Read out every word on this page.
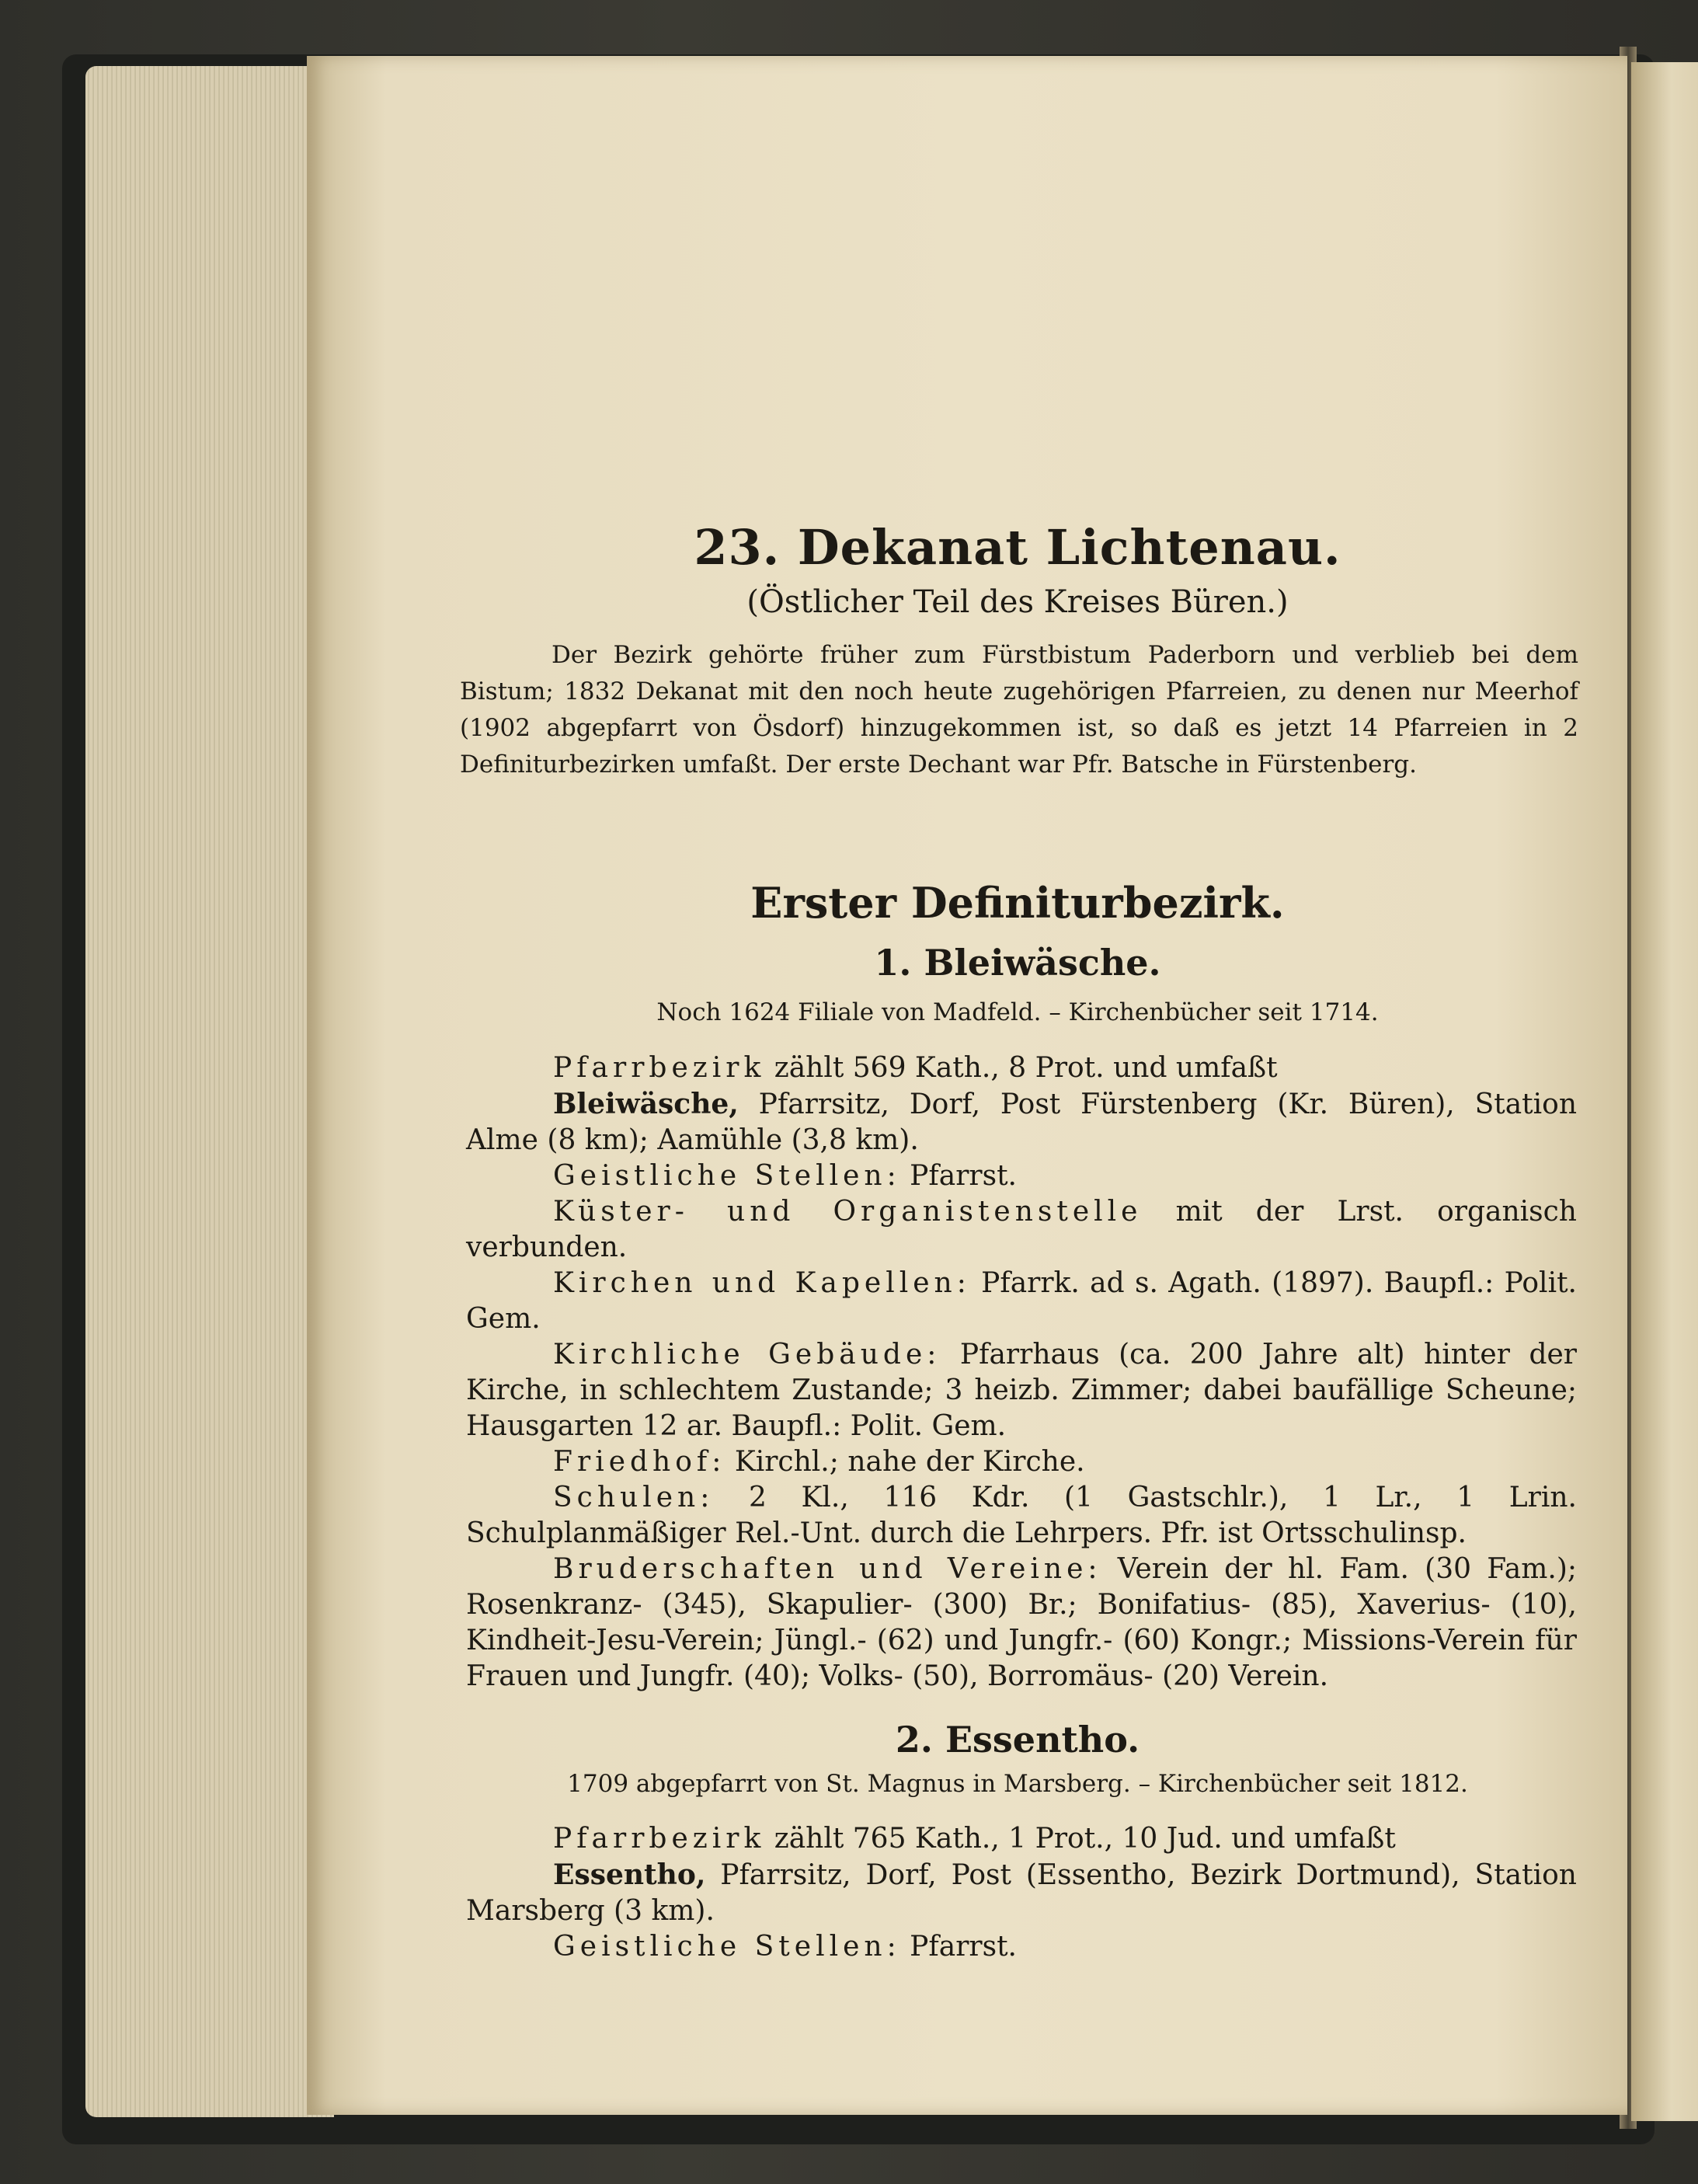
23. Dekanat Lichtenau.
(Östlicher Teil des Kreises Büren.)

Der Bezirk gehörte früher zum Fürstbistum Paderborn und verblieb bei dem Bistum; 1832 Dekanat mit den noch heute zugehörigen Pfarreien, zu denen nur Meerhof (1902 abgepfarrt von Ösdorf) hinzugekommen ist, so daß es jetzt 14 Pfarreien in 2 Definiturbezirken umfaßt. Der erste Dechant war Pfr. Batsche in Fürstenberg.

Erster Definiturbezirk.
1. Bleiwäsche.
Noch 1624 Filiale von Madfeld. – Kirchenbücher seit 1714.

Pfarrbezirk zählt 569 Kath., 8 Prot. und umfaßt

Bleiwäsche, Pfarrsitz, Dorf, Post Fürstenberg (Kr. Büren), Station Alme (8 km); Aamühle (3,8 km).

Geistliche Stellen: Pfarrst.

Küster- und Organistenstelle mit der Lrst. organisch verbunden.

Kirchen und Kapellen: Pfarrk. ad s. Agath. (1897). Baupfl.: Polit. Gem.

Kirchliche Gebäude: Pfarrhaus (ca. 200 Jahre alt) hinter der Kirche, in schlechtem Zustande; 3 heizb. Zimmer; dabei baufällige Scheune; Hausgarten 12 ar. Baupfl.: Polit. Gem.

Friedhof: Kirchl.; nahe der Kirche.

Schulen: 2 Kl., 116 Kdr. (1 Gastschlr.), 1 Lr., 1 Lrin. Schulplanmäßiger Rel.-Unt. durch die Lehrpers. Pfr. ist Ortsschulinsp.

Bruderschaften und Vereine: Verein der hl. Fam. (30 Fam.); Rosenkranz- (345), Skapulier- (300) Br.; Bonifatius- (85), Xaverius- (10), Kindheit-Jesu-Verein; Jüngl.- (62) und Jungfr.- (60) Kongr.; Missions-Verein für Frauen und Jungfr. (40); Volks- (50), Borromäus- (20) Verein.

2. Essentho.
1709 abgepfarrt von St. Magnus in Marsberg. – Kirchenbücher seit 1812.

Pfarrbezirk zählt 765 Kath., 1 Prot., 10 Jud. und umfaßt

Essentho, Pfarrsitz, Dorf, Post (Essentho, Bezirk Dortmund), Station Marsberg (3 km).

Geistliche Stellen: Pfarrst.
